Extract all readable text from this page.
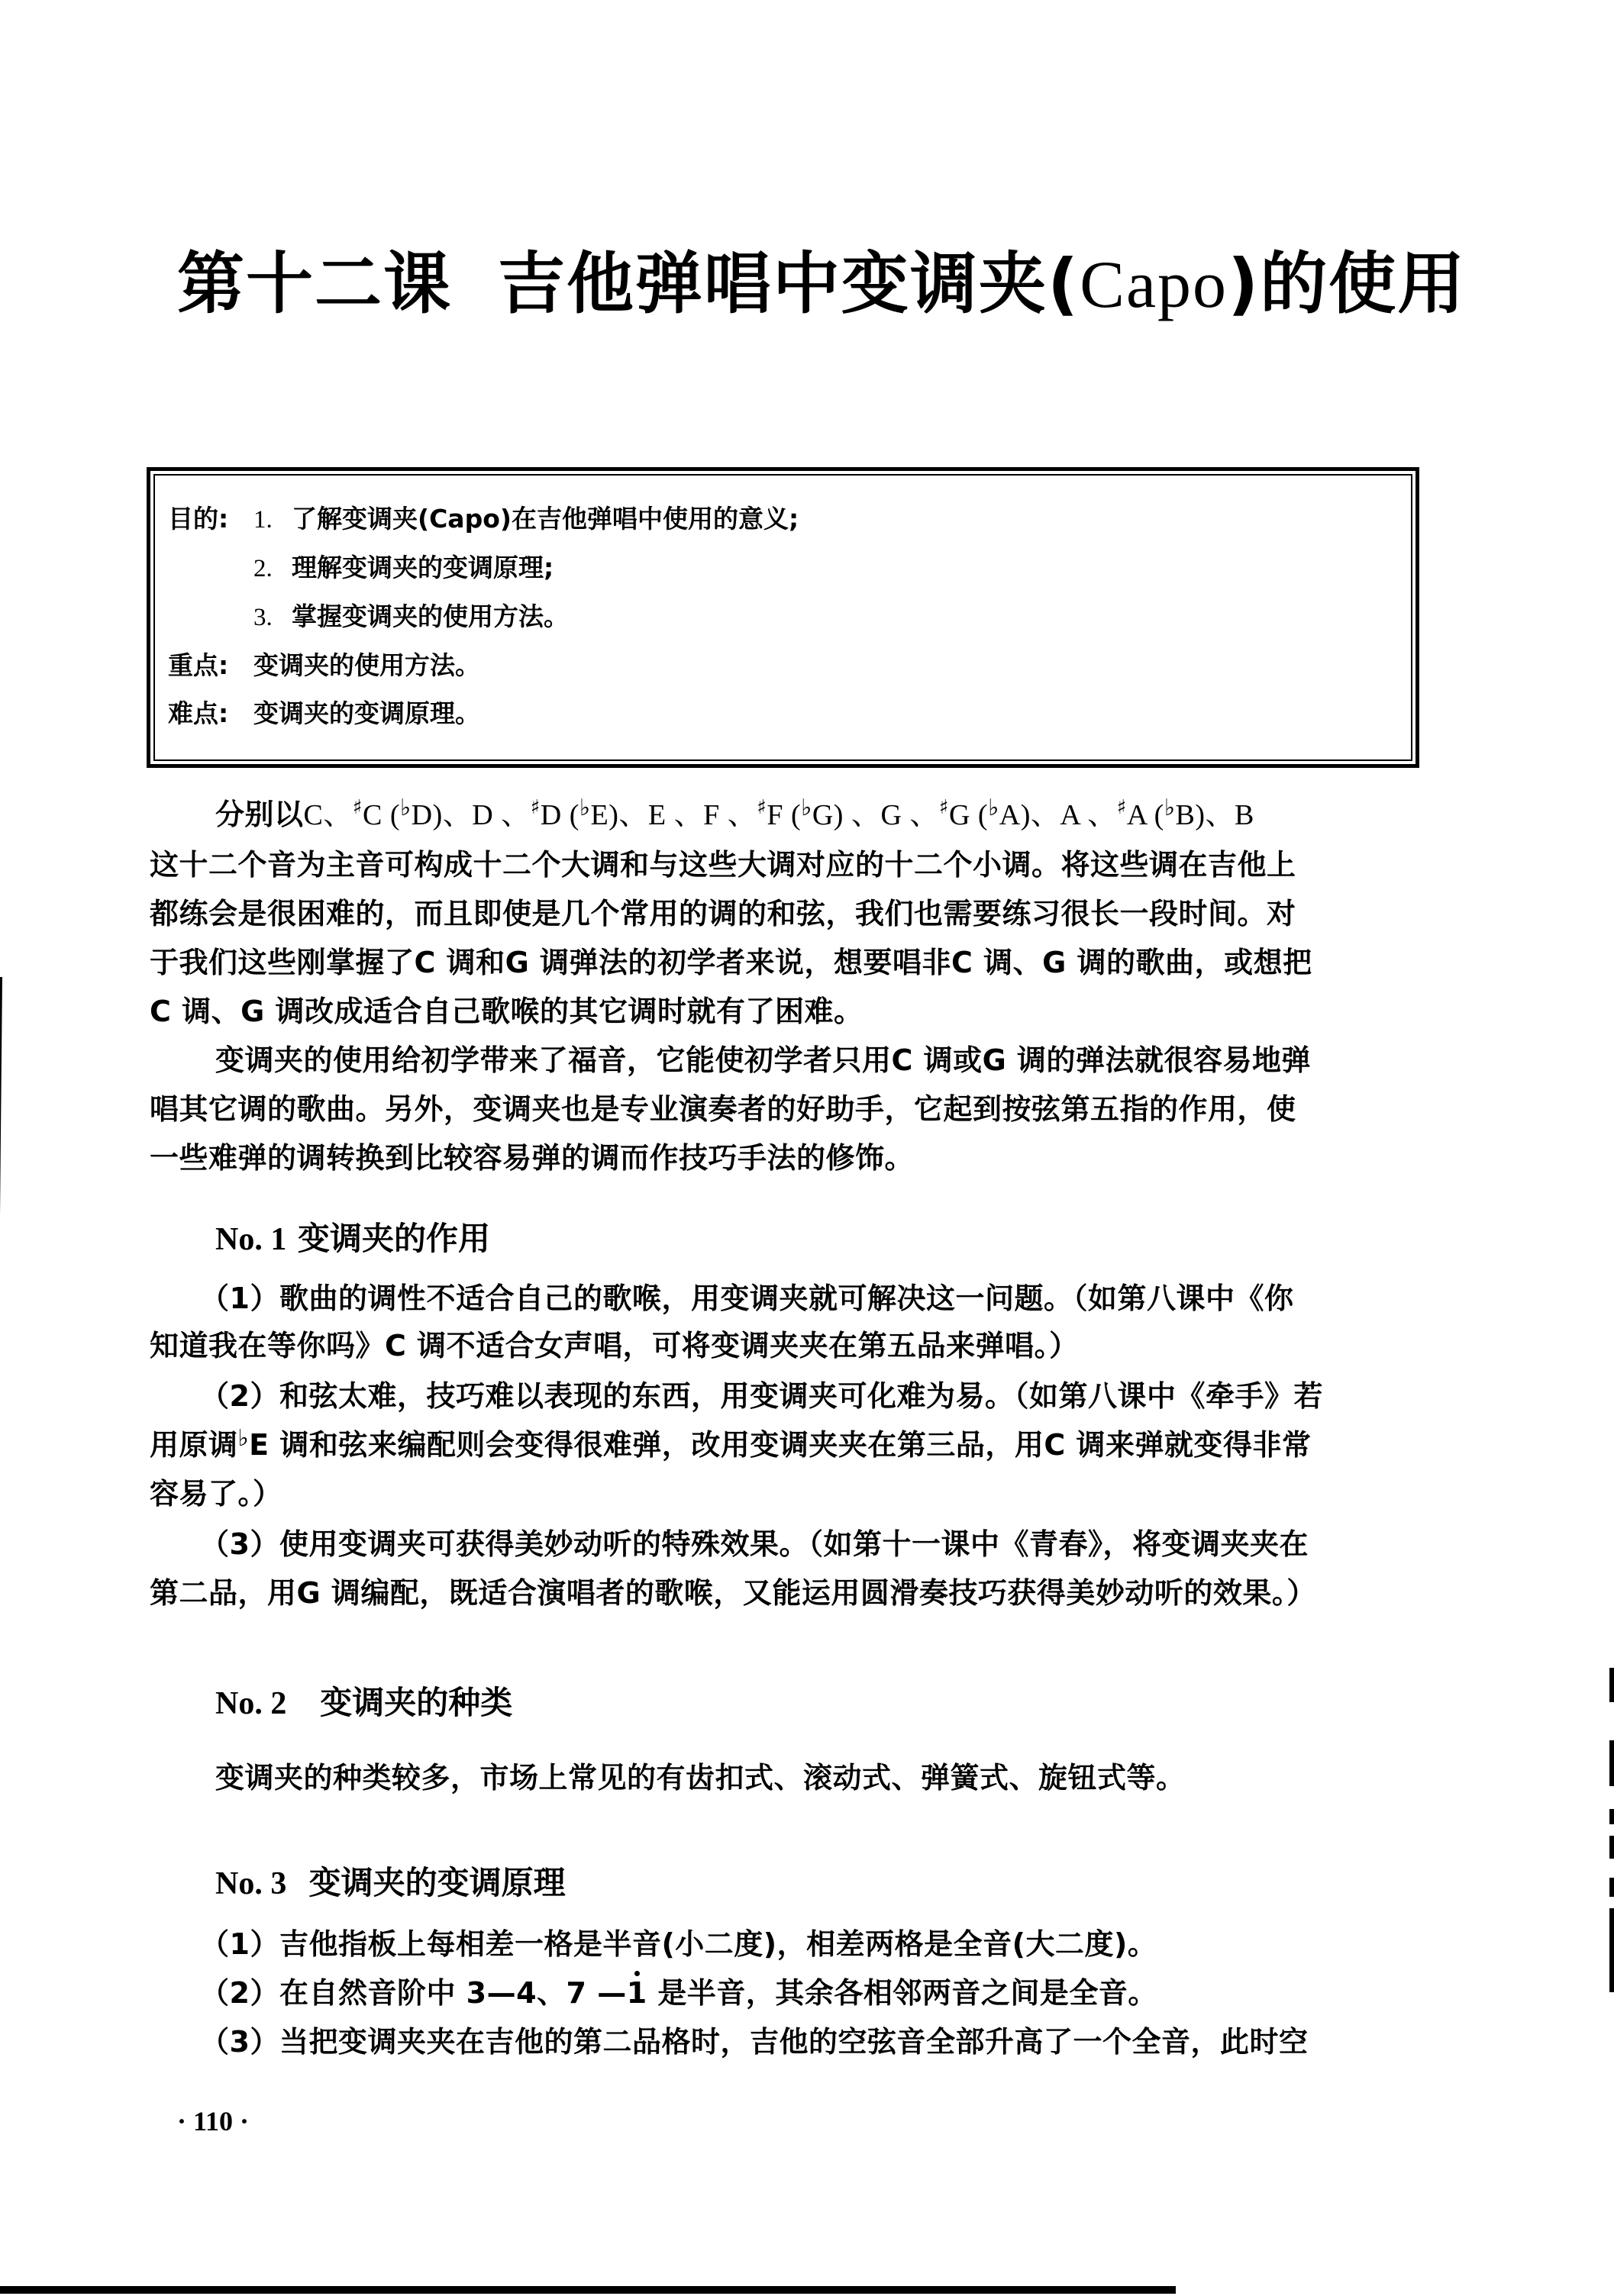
第十二课 吉他弹唱中变调夹(Capo)的使用
目的: 1. 了解变调夹(Capo)在吉他弹唱中使用的意义;
2. 理解变调夹的变调原理;
3. 掌握变调夹的使用方法。
重点: 变调夹的使用方法。
难点: 变调夹的变调原理。
分别以C、♯C (♭D)、D 、♯D (♭E)、E 、F 、♯F (♭G) 、G 、♯G (♭A)、A 、♯A (♭B)、B
这十二个音为主音可构成十二个大调和与这些大调对应的十二个小调。将这些调在吉他上
都练会是很困难的，而且即使是几个常用的调的和弦，我们也需要练习很长一段时间。对
于我们这些刚掌握了C 调和G 调弹法的初学者来说，想要唱非C 调、G 调的歌曲，或想把
C 调、G 调改成适合自己歌喉的其它调时就有了困难。
变调夹的使用给初学带来了福音，它能使初学者只用C 调或G 调的弹法就很容易地弹
唱其它调的歌曲。另外，变调夹也是专业演奏者的好助手，它起到按弦第五指的作用，使
一些难弹的调转换到比较容易弹的调而作技巧手法的修饰。
No. 1 变调夹的作用
（1）歌曲的调性不适合自己的歌喉，用变调夹就可解决这一问题。（如第八课中《你
知道我在等你吗》C 调不适合女声唱，可将变调夹夹在第五品来弹唱。）
（2）和弦太难，技巧难以表现的东西，用变调夹可化难为易。（如第八课中《牵手》若
用原调♭E 调和弦来编配则会变得很难弹，改用变调夹夹在第三品，用C 调来弹就变得非常
容易了。）
（3）使用变调夹可获得美妙动听的特殊效果。（如第十一课中《青春》，将变调夹夹在
第二品，用G 调编配，既适合演唱者的歌喉，又能运用圆滑奏技巧获得美妙动听的效果。）
No. 2 变调夹的种类
变调夹的种类较多，市场上常见的有齿扣式、滚动式、弹簧式、旋钮式等。
No. 3 变调夹的变调原理
（1）吉他指板上每相差一格是半音(小二度)，相差两格是全音(大二度)。
（2）在自然音阶中 3—4、7 —1 是半音，其余各相邻两音之间是全音。
（3）当把变调夹夹在吉他的第二品格时，吉他的空弦音全部升高了一个全音，此时空
· 110 ·
